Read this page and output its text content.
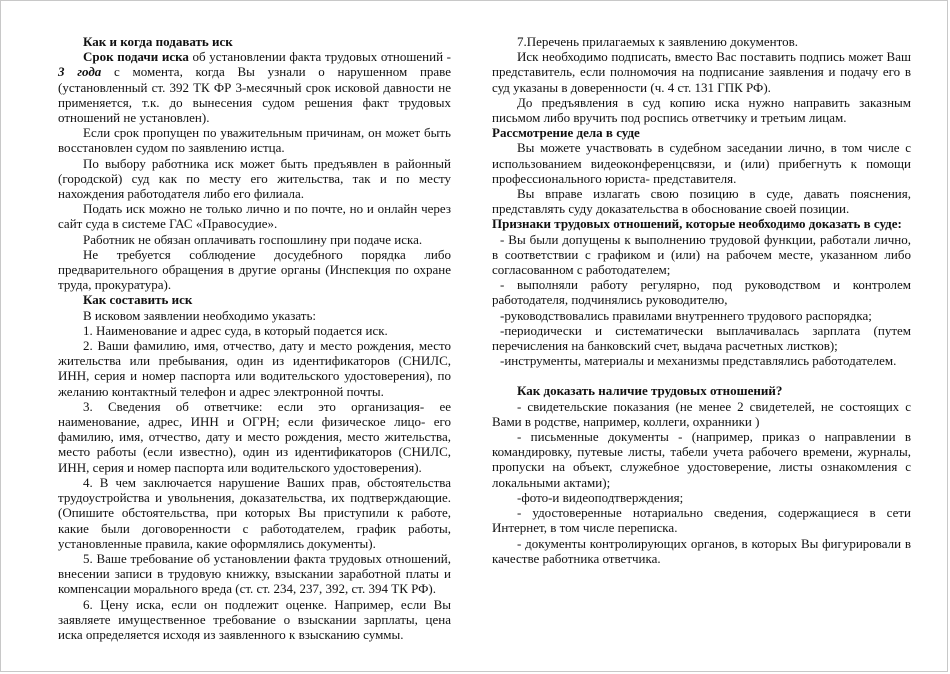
Как и когда подавать иск

Срок подачи иска об установлении факта трудовых отношений - 3 года с момента, когда Вы узнали о нарушенном праве (установленный ст. 392 ТК ФР 3-месячный срок исковой давности не применяется, т.к. до вынесения судом решения факт трудовых отношений не установлен).

Если срок пропущен по уважительным причинам, он может быть восстановлен судом по заявлению истца.

По выбору работника иск может быть предъявлен в районный (городской) суд как по месту его жительства, так и по месту нахождения работодателя либо его филиала.

Подать иск можно не только лично и по почте, но и онлайн через сайт суда в системе ГАС «Правосудие».

Работник не обязан оплачивать госпошлину при подаче иска.

Не требуется соблюдение досудебного порядка либо предварительного обращения в другие органы (Инспекция по охране труда, прокуратура).

Как составить иск

В исковом заявлении необходимо указать:

1. Наименование и адрес суда, в который подается иск.

2. Ваши фамилию, имя, отчество, дату и место рождения, место жительства или пребывания, один из идентификаторов (СНИЛС, ИНН, серия и номер паспорта или водительского удостоверения), по желанию контактный телефон и адрес электронной почты.

3. Сведения об ответчике: если это организация- ее наименование, адрес, ИНН и ОГРН; если физическое лицо- его фамилию, имя, отчество, дату и место рождения, место жительства, место работы (если известно), один из идентификаторов (СНИЛС, ИНН, серия и номер паспорта или водительского удостоверения).

4. В чем заключается нарушение Ваших прав, обстоятельства трудоустройства и увольнения, доказательства, их подтверждающие. (Опишите обстоятельства, при которых Вы приступили к работе, какие были договоренности с работодателем, график работы, установленные правила, какие оформлялись документы).

5. Ваше требование об установлении факта трудовых отношений, внесении записи в трудовую книжку, взыскании заработной платы и компенсации морального вреда (ст. ст. 234, 237, 392, ст. 394 ТК РФ).

6. Цену иска, если он подлежит оценке. Например, если Вы заявляете имущественное требование о взыскании зарплаты, цена иска определяется исходя из заявленного к взысканию суммы.

7.Перечень прилагаемых к заявлению документов.

Иск необходимо подписать, вместо Вас поставить подпись может Ваш представитель, если полномочия на подписание заявления и подачу его в суд указаны в доверенности (ч. 4 ст. 131 ГПК РФ).

До предъявления в суд копию иска нужно направить заказным письмом либо вручить под роспись ответчику и третьим лицам.

Рассмотрение дела в суде

Вы можете участвовать в судебном заседании лично, в том числе с использованием видеоконференцсвязи, и (или) прибегнуть к помощи профессионального юриста- представителя.

Вы вправе излагать свою позицию в суде, давать пояснения, представлять суду доказательства в обоснование своей позиции.

Признаки трудовых отношений, которые необходимо доказать в суде:

- Вы были допущены к выполнению трудовой функции, работали лично, в соответствии с графиком и (или) на рабочем месте, указанном либо согласованном с работодателем;

- выполняли работу регулярно, под руководством и контролем работодателя, подчинялись руководителю,

-руководствовались правилами внутреннего трудового распорядка;

-периодически и систематически выплачивалась зарплата (путем перечисления на банковский счет, выдача расчетных листков);

-инструменты, материалы и механизмы представлялись работодателем.

Как доказать наличие трудовых отношений?

- свидетельские показания (не менее 2 свидетелей, не состоящих с Вами в родстве, например, коллеги, охранники )

- письменные документы - (например, приказ о направлении в командировку, путевые листы, табели учета рабочего времени, журналы, пропуски на объект, служебное удостоверение, листы ознакомления с локальными актами);

-фото-и видеоподтверждения;

- удостоверенные нотариально сведения, содержащиеся в сети Интернет, в том числе переписка.

- документы контролирующих органов, в которых Вы фигурировали в качестве работника ответчика.
